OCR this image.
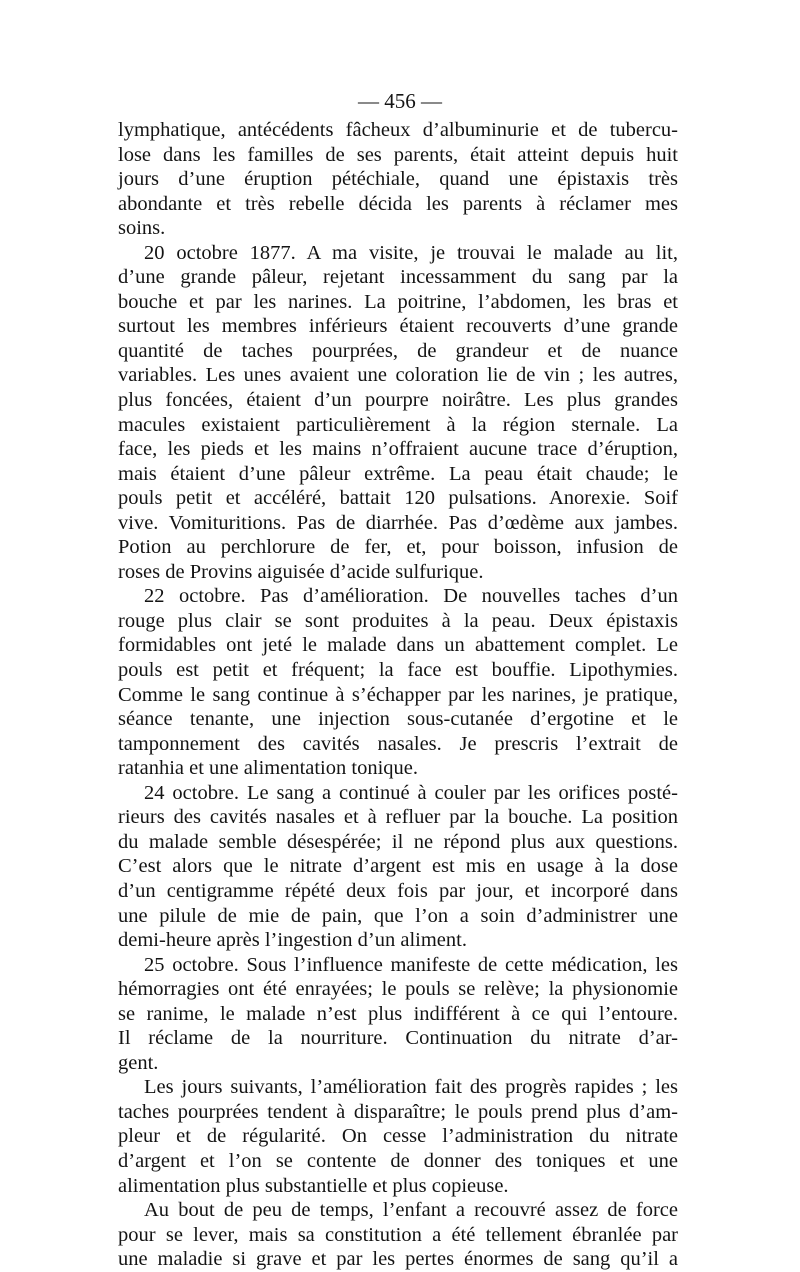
— 456 —
lymphatique, antécédents fâcheux d’albuminurie et de tubercu-
lose dans les familles de ses parents, était atteint depuis huit
jours d’une éruption pétéchiale, quand une épistaxis très
abondante et très rebelle décida les parents à réclamer mes
soins.
20 octobre 1877. A ma visite, je trouvai le malade au lit,
d’une grande pâleur, rejetant incessamment du sang par la
bouche et par les narines. La poitrine, l’abdomen, les bras et
surtout les membres inférieurs étaient recouverts d’une grande
quantité de taches pourprées, de grandeur et de nuance
variables. Les unes avaient une coloration lie de vin ; les autres,
plus foncées, étaient d’un pourpre noirâtre. Les plus grandes
macules existaient particulièrement à la région sternale. La
face, les pieds et les mains n’offraient aucune trace d’éruption,
mais étaient d’une pâleur extrême. La peau était chaude; le
pouls petit et accéléré, battait 120 pulsations. Anorexie. Soif
vive. Vomituritions. Pas de diarrhée. Pas d’œdème aux jambes.
Potion au perchlorure de fer, et, pour boisson, infusion de
roses de Provins aiguisée d’acide sulfurique.
22 octobre. Pas d’amélioration. De nouvelles taches d’un
rouge plus clair se sont produites à la peau. Deux épistaxis
formidables ont jeté le malade dans un abattement complet. Le
pouls est petit et fréquent; la face est bouffie. Lipothymies.
Comme le sang continue à s’échapper par les narines, je pratique,
séance tenante, une injection sous-cutanée d’ergotine et le
tamponnement des cavités nasales. Je prescris l’extrait de
ratanhia et une alimentation tonique.
24 octobre. Le sang a continué à couler par les orifices posté-
rieurs des cavités nasales et à refluer par la bouche. La position
du malade semble désespérée; il ne répond plus aux questions.
C’est alors que le nitrate d’argent est mis en usage à la dose
d’un centigramme répété deux fois par jour, et incorporé dans
une pilule de mie de pain, que l’on a soin d’administrer une
demi-heure après l’ingestion d’un aliment.
25 octobre. Sous l’influence manifeste de cette médication, les
hémorragies ont été enrayées; le pouls se relève; la physionomie
se ranime, le malade n’est plus indifférent à ce qui l’entoure.
Il réclame de la nourriture. Continuation du nitrate d’ar-
gent.
Les jours suivants, l’amélioration fait des progrès rapides ; les
taches pourprées tendent à disparaître; le pouls prend plus d’am-
pleur et de régularité. On cesse l’administration du nitrate
d’argent et l’on se contente de donner des toniques et une
alimentation plus substantielle et plus copieuse.
Au bout de peu de temps, l’enfant a recouvré assez de force
pour se lever, mais sa constitution a été tellement ébranlée par
une maladie si grave et par les pertes énormes de sang qu’il a
